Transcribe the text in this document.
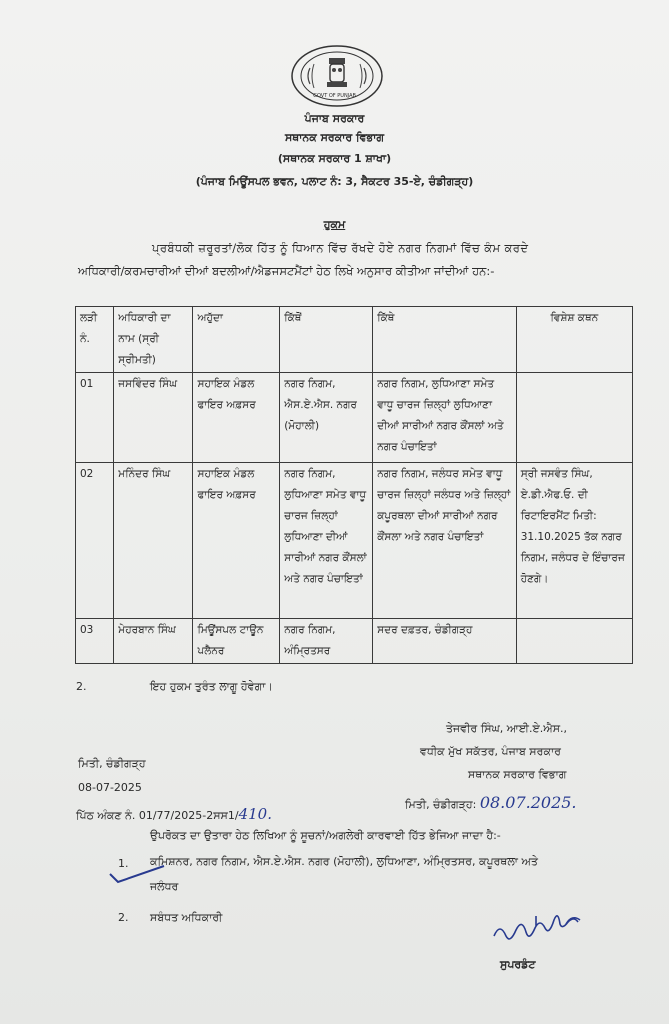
GOVT OF PUNJAB
ਪੰਜਾਬ ਸਰਕਾਰ
ਸਥਾਨਕ ਸਰਕਾਰ ਵਿਭਾਗ
(ਸਥਾਨਕ ਸਰਕਾਰ 1 ਸ਼ਾਖਾ)
(ਪੰਜਾਬ ਮਿਊਂਸਪਲ ਭਵਨ, ਪਲਾਟ ਨੰ: 3, ਸੈਕਟਰ 35-ਏ, ਚੰਡੀਗੜ੍ਹ)
ਹੁਕਮ
ਪ੍ਰਬੰਧਕੀ ਜ਼ਰੂਰਤਾਂ/ਲੋਕ ਹਿੱਤ ਨੂੰ ਧਿਆਨ ਵਿੱਚ ਰੱਖਦੇ ਹੋਏ ਨਗਰ ਨਿਗਮਾਂ ਵਿੱਚ ਕੰਮ ਕਰਦੇ
ਅਧਿਕਾਰੀ/ਕਰਮਚਾਰੀਆਂ ਦੀਆਂ ਬਦਲੀਆਂ/ਐਡਜਸਟਮੈਂਟਾਂ ਹੇਠ ਲਿਖੇ ਅਨੁਸਾਰ ਕੀਤੀਆ ਜਾਂਦੀਆਂ ਹਨ:-
ਲੜੀ ਨੰ.	ਅਧਿਕਾਰੀ ਦਾ ਨਾਮ (ਸ੍ਰੀ ਸ੍ਰੀਮਤੀ)	ਅਹੁੱਦਾ	ਕਿੱਥੋਂ	ਕਿੱਥੇ	ਵਿਸ਼ੇਸ਼ ਕਥਨ
01	ਜਸਵਿੰਦਰ ਸਿੰਘ	ਸਹਾਇਕ ਮੰਡਲ ਫਾਇਰ ਅਫ਼ਸਰ	ਨਗਰ ਨਿਗਮ, ਐਸ.ਏ.ਐਸ. ਨਗਰ (ਮੋਹਾਲੀ)	ਨਗਰ ਨਿਗਮ, ਲੁਧਿਆਣਾ ਸਮੇਤ ਵਾਧੂ ਚਾਰਜ ਜ਼ਿਲ੍ਹਾਂ ਲੁਧਿਆਣਾ ਦੀਆਂ ਸਾਰੀਆਂ ਨਗਰ ਕੌਂਸਲਾਂ ਅਤੇ ਨਗਰ ਪੰਚਾਇਤਾਂ	
02	ਮਨਿੰਦਰ ਸਿੰਘ	ਸਹਾਇਕ ਮੰਡਲ ਫਾਇਰ ਅਫ਼ਸਰ	ਨਗਰ ਨਿਗਮ, ਲੁਧਿਆਣਾ ਸਮੇਤ ਵਾਧੂ ਚਾਰਜ ਜ਼ਿਲ੍ਹਾਂ ਲੁਧਿਆਣਾ ਦੀਆਂ ਸਾਰੀਆਂ ਨਗਰ ਕੌਂਸਲਾਂ ਅਤੇ ਨਗਰ ਪੰਚਾਇਤਾਂ	ਨਗਰ ਨਿਗਮ, ਜਲੰਧਰ ਸਮੇਤ ਵਾਧੂ ਚਾਰਜ ਜ਼ਿਲ੍ਹਾਂ ਜਲੰਧਰ ਅਤੇ ਜ਼ਿਲ੍ਹਾਂ ਕਪੂਰਥਲਾ ਦੀਆਂ ਸਾਰੀਆਂ ਨਗਰ ਕੌਂਸਲਾ ਅਤੇ ਨਗਰ ਪੰਚਾਇਤਾਂ	ਸ੍ਰੀ ਜਸਵੰਤ ਸਿੰਘ, ਏ.ਡੀ.ਐਫ.ਓ. ਦੀ ਰਿਟਾਇਰਮੈਂਟ ਮਿਤੀ: 31.10.2025 ਤੱਕ ਨਗਰ ਨਿਗਮ, ਜਲੰਧਰ ਦੇ ਇੰਚਾਰਜ ਹੋਣਗੇ।
03	ਮੇਹਰਬਾਨ ਸਿੰਘ	ਮਿਊਂਸਪਲ ਟਾਊਨ ਪਲੈਨਰ	ਨਗਰ ਨਿਗਮ, ਅੰਮ੍ਰਿਤਸਰ	ਸਦਰ ਦਫ਼ਤਰ, ਚੰਡੀਗੜ੍ਹ	
2.	ਇਹ ਹੁਕਮ ਤੁਰੰਤ ਲਾਗੂ ਹੋਵੇਗਾ।
ਤੇਜਵੀਰ ਸਿੰਘ, ਆਈ.ਏ.ਐਸ.,
ਵਧੀਕ ਮੁੱਖ ਸਕੱਤਰ, ਪੰਜਾਬ ਸਰਕਾਰ
ਸਥਾਨਕ ਸਰਕਾਰ ਵਿਭਾਗ
ਮਿਤੀ, ਚੰਡੀਗੜ੍ਹ
08-07-2025
ਪਿੱਠ ਅੰਕਣ ਨੰ. 01/77/2025-2ਸਸ1/410.
ਮਿਤੀ, ਚੰਡੀਗੜ੍ਹ: 08.07.2025.
ਉਪਰੋਕਤ ਦਾ ਉਤਾਰਾ ਹੇਠ ਲਿਖਿਆ ਨੂੰ ਸੂਚਨਾਂ/ਅਗਲੇਰੀ ਕਾਰਵਾਈ ਹਿੱਤ ਭੇਜਿਆ ਜਾਦਾ ਹੈ:-
1. ਕਮਿਸ਼ਨਰ, ਨਗਰ ਨਿਗਮ, ਐਸ.ਏ.ਐਸ. ਨਗਰ (ਮੋਹਾਲੀ), ਲੁਧਿਆਣਾ, ਅੰਮ੍ਰਿਤਸਰ, ਕਪੂਰਥਲਾ ਅਤੇ
ਜਲੰਧਰ
2. ਸਬੰਧਤ ਅਧਿਕਾਰੀ
ਸੁਪਰਡੰਟ
